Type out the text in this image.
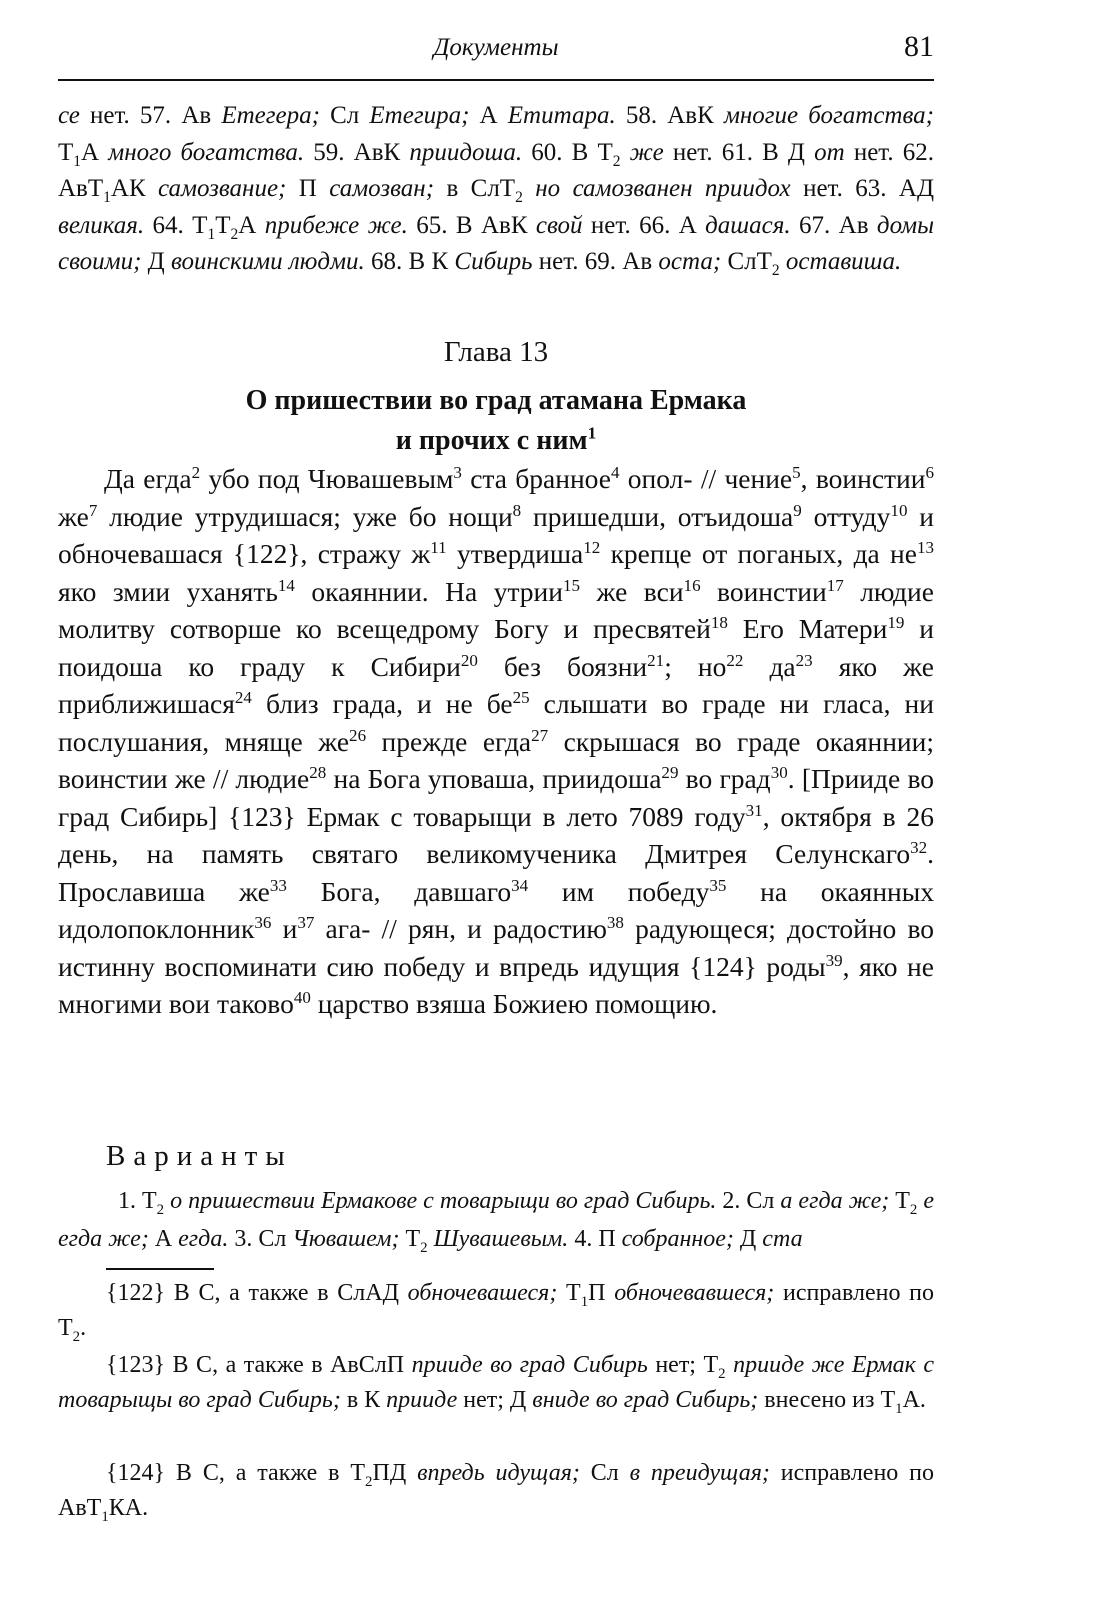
Документы	81

се нет. 57. Ав Етегера; Сл Етегира; А Етитара. 58. АвК многие богатства; $Т_1А$ много богатства. 59. АвК приидоша. 60. В $Т_2$ же нет. 61. В Д от нет. 62. АвТ$_1$АК самозвание; П самозван; в СлТ$_2$ но самозванен приидох нет. 63. АД великая. 64. $Т_1Т_2А$ прибеже же. 65. В АвК свой нет. 66. А дашася. 67. Ав домы своими; Д воинскими людми. 68. В К Сибирь нет. 69. Ав оста; СлТ$_2$ оставиша.

Глава 13
О пришествии во град атамана Ермака
и прочих с ним$^1$

Да егда$^2$ убо под Чювашевым$^3$ ста бранное$^4$ опол- // чение$^5$, воинстии$^6$ $же^7$ людие утрудишася; уже бо нощи$^8$ пришедши, отъидоша$^9$ оттуду$^{10}$ и обночевашася {122}, стражу $ж^{11}$ утвердиша$^{12}$ крепце от поганых, да $не^{13}$ яко змии уханять$^{14}$ окаяннии. На утрии$^{15}$ же вси$^{16}$ воинстии$^{17}$ людие молитву сотворше ко всещедрому Богу и пресвятей$^{18}$ Его Матери$^{19}$ и поидоша ко граду к Сибири$^{20}$ без боязни$^{21}$; $но^{22}$ $да^{23}$ яко же приближишася$^{24}$ близ града, и не $бе^{25}$ слышати во граде ни гласа, ни послушания, мняще $же^{26}$ прежде егда$^{27}$ скрышася во граде окаяннии; воинстии же // людие$^{28}$ на Бога уповаша, приидоша$^{29}$ во град$^{30}$. [Прииде во град Сибирь] {123} Ермак с товарыщи в лето 7089 году$^{31}$, октября в 26 день, на память святаго великомученика Дмитрея Селунскаго$^{32}$. Прославиша $же^{33}$ Бога, давшаго$^{34}$ им победу$^{35}$ на окаянных идолопоклонник$^{36}$ $и^{37}$ ага- // рян, и радостию$^{38}$ радующеся; достойно во истинну воспоминати сию победу и впредь идущия {124} роды$^{39}$, яко не многими вои таково$^{40}$ царство взяша Божиею помощию.

Варианты

1. $Т_2$ о пришествии Ермакове с товарыщи во град Сибирь. 2. Сл а егда же; $Т_2$ е егда же; А егда. 3. Сл Чювашем; $Т_2$ Шувашевым. 4. П собранное; Д ста

{122} В С, а также в СлАД обночевашеся; $Т_1П$ обночевавшеся; исправлено по $Т_2$.

{123} В С, а также в АвСлП прииде во град Сибирь нет; $Т_2$ прииде же Ермак с товарыщы во град Сибирь; в К прииде нет; Д вниде во град Сибирь; внесено из $Т_1А$.

{124} В С, а также в $Т_2ПД$ впредь идущая; Сл в преидущая; исправлено по АвТ$_1$КА.
